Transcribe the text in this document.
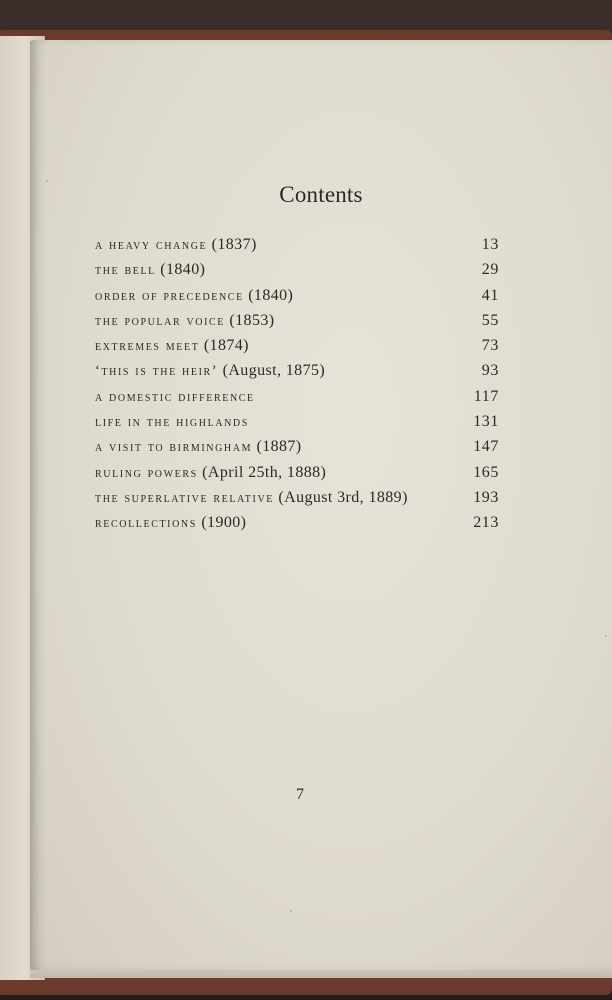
Contents
a heavy change (1837)	13
the bell (1840)	29
order of precedence (1840)	41
the popular voice (1853)	55
extremes meet (1874)	73
‘this is the heir’ (August, 1875)	93
a domestic difference	117
life in the highlands	131
a visit to birmingham (1887)	147
ruling powers (April 25th, 1888)	165
the superlative relative (August 3rd, 1889)	193
recollections (1900)	213
7
